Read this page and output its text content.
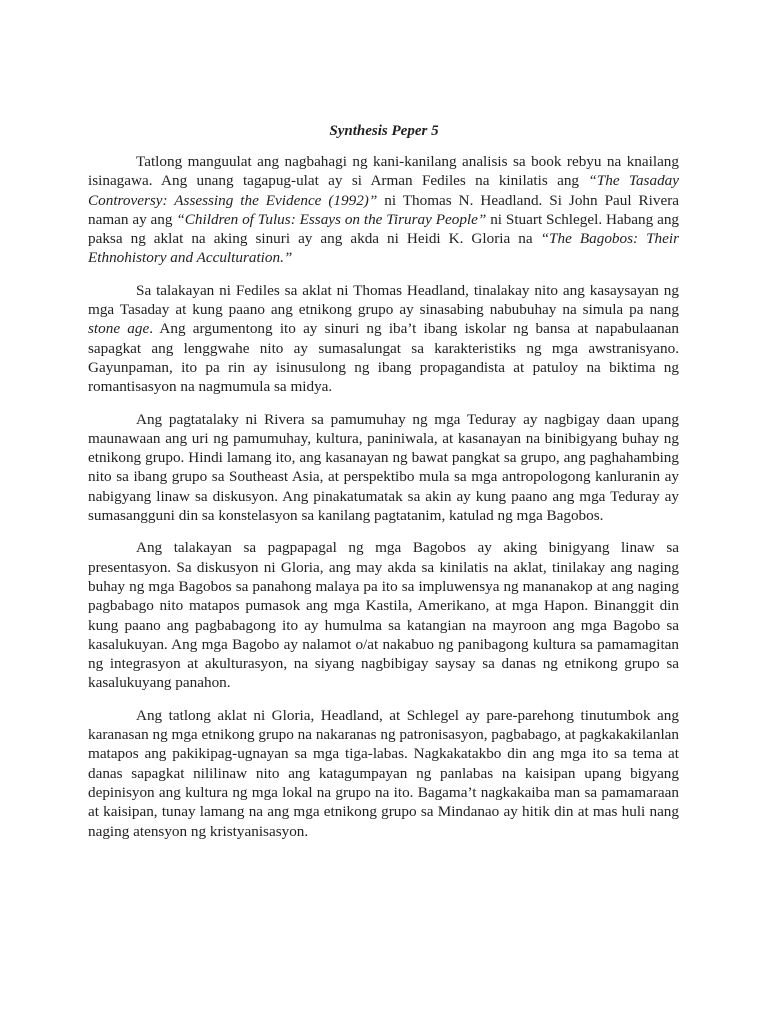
Synthesis Peper 5

Tatlong manguulat ang nagbahagi ng kani-kanilang analisis sa book rebyu na knailang isinagawa. Ang unang tagapug-ulat ay si Arman Fediles na kinilatis ang “The Tasaday Controversy: Assessing the Evidence (1992)” ni Thomas N. Headland. Si John Paul Rivera naman ay ang “Children of Tulus: Essays on the Tiruray People” ni Stuart Schlegel. Habang ang paksa ng aklat na aking sinuri ay ang akda ni Heidi K. Gloria na “The Bagobos: Their Ethnohistory and Acculturation.”

Sa talakayan ni Fediles sa aklat ni Thomas Headland, tinalakay nito ang kasaysayan ng mga Tasaday at kung paano ang etnikong grupo ay sinasabing nabubuhay na simula pa nang stone age. Ang argumentong ito ay sinuri ng iba’t ibang iskolar ng bansa at napabulaanan sapagkat ang lenggwahe nito ay sumasalungat sa karakteristiks ng mga awstranisyano. Gayunpaman, ito pa rin ay isinusulong ng ibang propagandista at patuloy na biktima ng romantisasyon na nagmumula sa midya.

Ang pagtatalaky ni Rivera sa pamumuhay ng mga Teduray ay nagbigay daan upang maunawaan ang uri ng pamumuhay, kultura, paniniwala, at kasanayan na binibigyang buhay ng etnikong grupo. Hindi lamang ito, ang kasanayan ng bawat pangkat sa grupo, ang paghahambing nito sa ibang grupo sa Southeast Asia, at perspektibo mula sa mga antropologong kanluranin ay nabigyang linaw sa diskusyon. Ang pinakatumatak sa akin ay kung paano ang mga Teduray ay sumasangguni din sa konstelasyon sa kanilang pagtatanim, katulad ng mga Bagobos.

Ang talakayan sa pagpapagal ng mga Bagobos ay aking binigyang linaw sa presentasyon. Sa diskusyon ni Gloria, ang may akda sa kinilatis na aklat, tinilakay ang naging buhay ng mga Bagobos sa panahong malaya pa ito sa impluwensya ng mananakop at ang naging pagbabago nito matapos pumasok ang mga Kastila, Amerikano, at mga Hapon. Binanggit din kung paano ang pagbabagong ito ay humulma sa katangian na mayroon ang mga Bagobo sa kasalukuyan. Ang mga Bagobo ay nalamot o/at nakabuo ng panibagong kultura sa pamamagitan ng integrasyon at akulturasyon, na siyang nagbibigay saysay sa danas ng etnikong grupo sa kasalukuyang panahon.

Ang tatlong aklat ni Gloria, Headland, at Schlegel ay pare-parehong tinutumbok ang karanasan ng mga etnikong grupo na nakaranas ng patronisasyon, pagbabago, at pagkakakilanlan matapos ang pakikipag-ugnayan sa mga tiga-labas. Nagkakatakbo din ang mga ito sa tema at danas sapagkat nililinaw nito ang katagumpayan ng panlabas na kaisipan upang bigyang depinisyon ang kultura ng mga lokal na grupo na ito. Bagama’t nagkakaiba man sa pamamaraan at kaisipan, tunay lamang na ang mga etnikong grupo sa Mindanao ay hitik din at mas huli nang naging atensyon ng kristyanisasyon.
